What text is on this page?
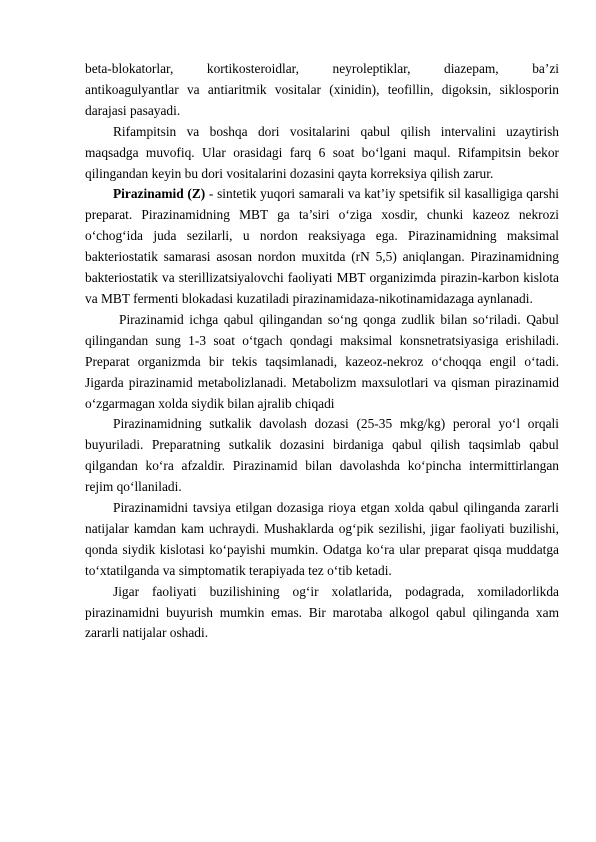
beta-blokatorlar, kortikosteroidlar, neyroleptiklar, diazepam, ba’zi

antikoagulyantlar va antiaritmik vositalar (xinidin), teofillin, digoksin, siklosporin darajasi pasayadi.

Rifampitsin va boshqa dori vositalarini qabul qilish intervalini uzaytirish maqsadga muvofiq. Ular orasidagi farq 6 soat bo‘lgani maqul. Rifampitsin bekor qilingandan keyin bu dori vositalarini dozasini qayta korreksiya qilish zarur.

Pirazinamid (Z) - sintetik yuqori samarali va kat’iy spetsifik sil kasalligiga qarshi preparat. Pirazinamidning MBT ga ta’siri o‘ziga xosdir, chunki kazeoz nekrozi o‘chog‘ida juda sezilarli, u nordon reaksiyaga ega. Pirazinamidning maksimal bakteriostatik samarasi asosan nordon muxitda (rN 5,5) aniqlangan. Pirazinamidning bakteriostatik va sterillizatsiyalovchi faoliyati MBT organizimda pirazin-karbon kislota va MBT fermenti blokadasi kuzatiladi pirazinamidaza-nikotinamidazaga aynlanadi.

Pirazinamid ichga qabul qilingandan so‘ng qonga zudlik bilan so‘riladi. Qabul qilingandan sung 1-3 soat o‘tgach qondagi maksimal konsnetratsiyasiga erishiladi. Preparat organizmda bir tekis taqsimlanadi, kazeoz-nekroz o‘choqqa engil o‘tadi. Jigarda pirazinamid metabolizlanadi. Metabolizm maxsulotlari va qisman pirazinamid o‘zgarmagan xolda siydik bilan ajralib chiqadi

Pirazinamidning sutkalik davolash dozasi (25-35 mkg/kg) peroral yo‘l orqali buyuriladi. Preparatning sutkalik dozasini birdaniga qabul qilish taqsimlab qabul qilgandan ko‘ra afzaldir. Pirazinamid bilan davolashda ko‘pincha intermittirlangan rejim qo‘llaniladi.

Pirazinamidni tavsiya etilgan dozasiga rioya etgan xolda qabul qilinganda zararli natijalar kamdan kam uchraydi. Mushaklarda og‘pik sezilishi, jigar faoliyati buzilishi, qonda siydik kislotasi ko‘payishi mumkin. Odatga ko‘ra ular preparat qisqa muddatga to‘xtatilganda va simptomatik terapiyada tez o‘tib ketadi.

Jigar faoliyati buzilishining og‘ir xolatlarida, podagrada, xomiladorlikda pirazinamidni buyurish mumkin emas. Bir marotaba alkogol qabul qilinganda xam zararli natijalar oshadi.
